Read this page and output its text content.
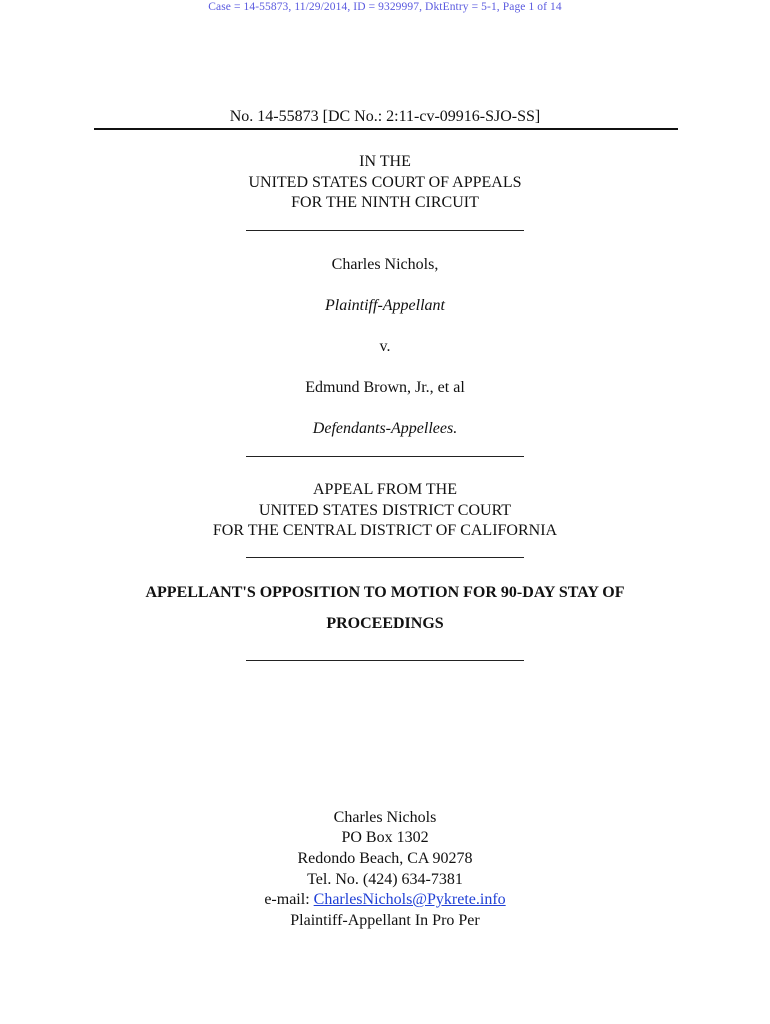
Case = 14-55873, 11/29/2014, ID = 9329997, DktEntry = 5-1, Page 1 of 14
No. 14-55873 [DC No.: 2:11-cv-09916-SJO-SS]
IN THE
UNITED STATES COURT OF APPEALS
FOR THE NINTH CIRCUIT
Charles Nichols,
Plaintiff-Appellant
v.
Edmund Brown, Jr., et al
Defendants-Appellees.
APPEAL FROM THE
UNITED STATES DISTRICT COURT
FOR THE CENTRAL DISTRICT OF CALIFORNIA
APPELLANT'S OPPOSITION TO MOTION FOR 90-DAY STAY OF
PROCEEDINGS
Charles Nichols
PO Box 1302
Redondo Beach, CA 90278
Tel. No. (424) 634-7381
e-mail: CharlesNichols@Pykrete.info
Plaintiff-Appellant In Pro Per
